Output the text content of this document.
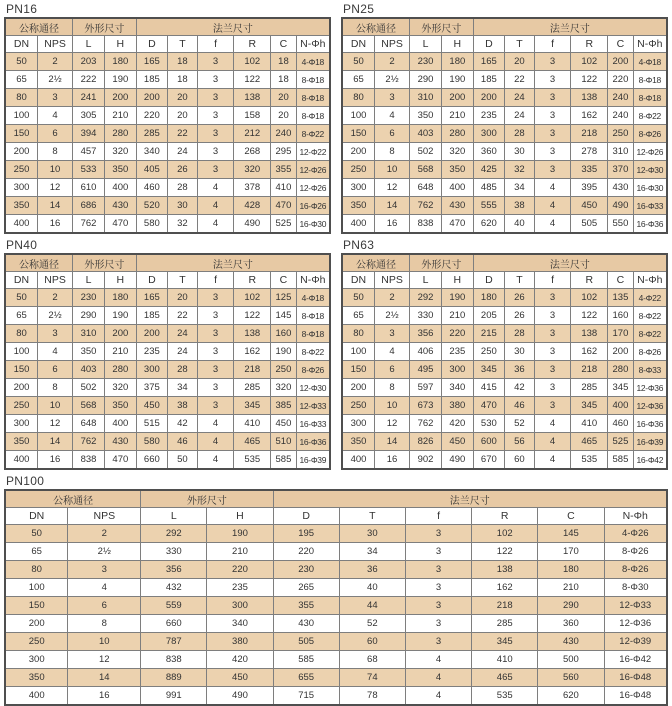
PN16
公称通径		外形尺寸		法兰尺寸					
DN	NPS	L	H	D	T	f	R	C	N-Φh
50	2	203	180	165	18	3	102	18	4-Φ18
65	2½	222	190	185	18	3	122	18	8-Φ18
80	3	241	200	200	20	3	138	20	8-Φ18
100	4	305	210	220	20	3	158	20	8-Φ18
150	6	394	280	285	22	3	212	240	8-Φ22
200	8	457	320	340	24	3	268	295	12-Φ22
250	10	533	350	405	26	3	320	355	12-Φ26
300	12	610	400	460	28	4	378	410	12-Φ26
350	14	686	430	520	30	4	428	470	16-Φ26
400	16	762	470	580	32	4	490	525	16-Φ30
PN25
公称通径		外形尺寸		法兰尺寸					
DN	NPS	L	H	D	T	f	R	C	N-Φh
50	2	230	180	165	20	3	102	200	4-Φ18
65	2½	290	190	185	22	3	122	220	8-Φ18
80	3	310	200	200	24	3	138	240	8-Φ18
100	4	350	210	235	24	3	162	240	8-Φ22
150	6	403	280	300	28	3	218	250	8-Φ26
200	8	502	320	360	30	3	278	310	12-Φ26
250	10	568	350	425	32	3	335	370	12-Φ30
300	12	648	400	485	34	4	395	430	16-Φ30
350	14	762	430	555	38	4	450	490	16-Φ33
400	16	838	470	620	40	4	505	550	16-Φ36
PN40
公称通径		外形尺寸		法兰尺寸					
DN	NPS	L	H	D	T	f	R	C	N-Φh
50	2	230	180	165	20	3	102	125	4-Φ18
65	2½	290	190	185	22	3	122	145	8-Φ18
80	3	310	200	200	24	3	138	160	8-Φ18
100	4	350	210	235	24	3	162	190	8-Φ22
150	6	403	280	300	28	3	218	250	8-Φ26
200	8	502	320	375	34	3	285	320	12-Φ30
250	10	568	350	450	38	3	345	385	12-Φ33
300	12	648	400	515	42	4	410	450	16-Φ33
350	14	762	430	580	46	4	465	510	16-Φ36
400	16	838	470	660	50	4	535	585	16-Φ39
PN63
公称通径		外形尺寸		法兰尺寸					
DN	NPS	L	H	D	T	f	R	C	N-Φh
50	2	292	190	180	26	3	102	135	4-Φ22
65	2½	330	210	205	26	3	122	160	8-Φ22
80	3	356	220	215	28	3	138	170	8-Φ22
100	4	406	235	250	30	3	162	200	8-Φ26
150	6	495	300	345	36	3	218	280	8-Φ33
200	8	597	340	415	42	3	285	345	12-Φ36
250	10	673	380	470	46	3	345	400	12-Φ36
300	12	762	420	530	52	4	410	460	16-Φ36
350	14	826	450	600	56	4	465	525	16-Φ39
400	16	902	490	670	60	4	535	585	16-Φ42
PN100
公称通径		外形尺寸		法兰尺寸					
DN	NPS	L	H	D	T	f	R	C	N-Φh
50	2	292	190	195	30	3	102	145	4-Φ26
65	2½	330	210	220	34	3	122	170	8-Φ26
80	3	356	220	230	36	3	138	180	8-Φ26
100	4	432	235	265	40	3	162	210	8-Φ30
150	6	559	300	355	44	3	218	290	12-Φ33
200	8	660	340	430	52	3	285	360	12-Φ36
250	10	787	380	505	60	3	345	430	12-Φ39
300	12	838	420	585	68	4	410	500	16-Φ42
350	14	889	450	655	74	4	465	560	16-Φ48
400	16	991	490	715	78	4	535	620	16-Φ48
